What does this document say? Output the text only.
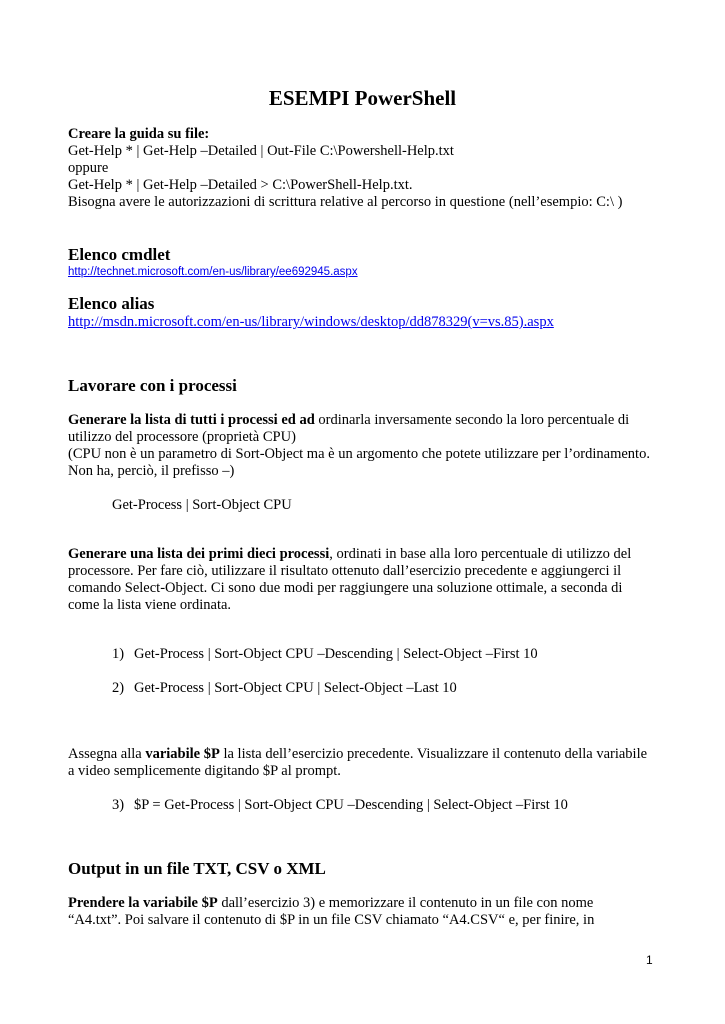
ESEMPI PowerShell
Creare la guida su file:
Get-Help * | Get-Help –Detailed | Out-File C:\Powershell-Help.txt
oppure
Get-Help * | Get-Help –Detailed > C:\PowerShell-Help.txt.
Bisogna avere le autorizzazioni di scrittura relative al percorso in questione (nell’esempio: C:\ )
Elenco cmdlet
http://technet.microsoft.com/en-us/library/ee692945.aspx
Elenco alias
http://msdn.microsoft.com/en-us/library/windows/desktop/dd878329(v=vs.85).aspx
Lavorare con i processi
Generare la lista di tutti i processi ed ad ordinarla inversamente secondo la loro percentuale di
utilizzo del processore (proprietà CPU)
(CPU non è un parametro di Sort-Object ma è un argomento che potete utilizzare per l’ordinamento.
Non ha, perciò, il prefisso –)
Get-Process | Sort-Object CPU
Generare una lista dei primi dieci processi, ordinati in base alla loro percentuale di utilizzo del
processore. Per fare ciò, utilizzare il risultato ottenuto dall’esercizio precedente e aggiungerci il
comando Select-Object. Ci sono due modi per raggiungere una soluzione ottimale, a seconda di
come la lista viene ordinata.
1) Get-Process | Sort-Object CPU –Descending | Select-Object –First 10
2) Get-Process | Sort-Object CPU | Select-Object –Last 10
Assegna alla variabile $P la lista dell’esercizio precedente. Visualizzare il contenuto della variabile
a video semplicemente digitando $P al prompt.
3) $P = Get-Process | Sort-Object CPU –Descending | Select-Object –First 10
Output in un file TXT, CSV o XML
Prendere la variabile $P dall’esercizio 3) e memorizzare il contenuto in un file con nome
“A4.txt”. Poi salvare il contenuto di $P in un file CSV chiamato “A4.CSV“ e, per finire, in
1
